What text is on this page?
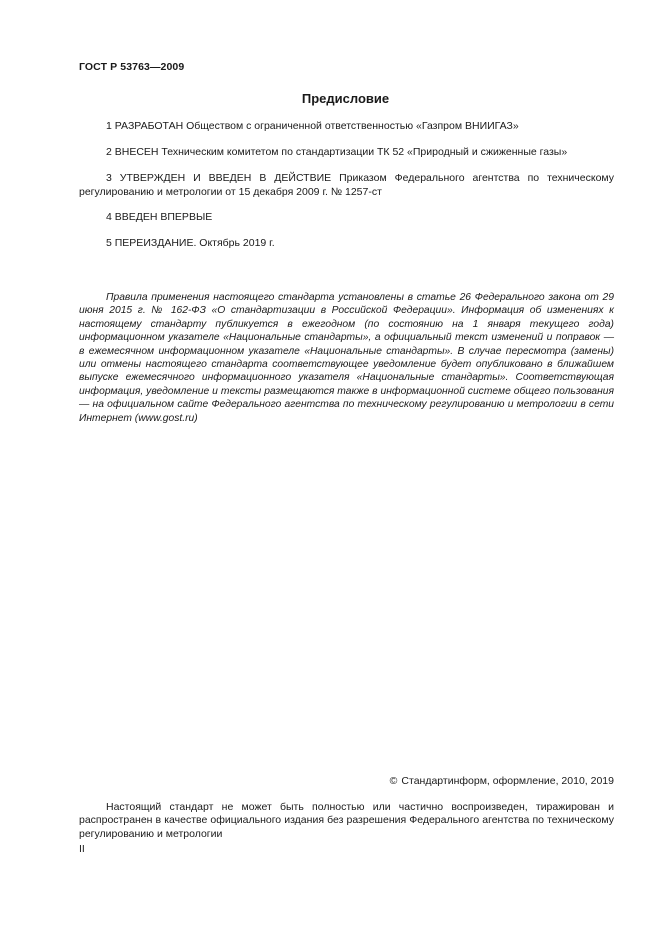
ГОСТ Р 53763—2009
Предисловие
1 РАЗРАБОТАН Обществом с ограниченной ответственностью «Газпром ВНИИГАЗ»
2 ВНЕСЕН Техническим комитетом по стандартизации ТК 52 «Природный и сжиженные газы»
3 УТВЕРЖДЕН И ВВЕДЕН В ДЕЙСТВИЕ Приказом Федерального агентства по техническому регулированию и метрологии от 15 декабря 2009 г. № 1257-ст
4 ВВЕДЕН ВПЕРВЫЕ
5 ПЕРЕИЗДАНИЕ. Октябрь 2019 г.
Правила применения настоящего стандарта установлены в статье 26 Федерального закона от 29 июня 2015 г. № 162-ФЗ «О стандартизации в Российской Федерации». Информация об изменениях к настоящему стандарту публикуется в ежегодном (по состоянию на 1 января текущего года) информационном указателе «Национальные стандарты», а официальный текст изменений и поправок — в ежемесячном информационном указателе «Национальные стандарты». В случае пересмотра (замены) или отмены настоящего стандарта соответствующее уведомление будет опубликовано в ближайшем выпуске ежемесячного информационного указателя «Национальные стандарты». Соответствующая информация, уведомление и тексты размещаются также в информационной системе общего пользования — на официальном сайте Федерального агентства по техническому регулированию и метрологии в сети Интернет (www.gost.ru)
© Стандартинформ, оформление, 2010, 2019
Настоящий стандарт не может быть полностью или частично воспроизведен, тиражирован и распространен в качестве официального издания без разрешения Федерального агентства по техническому регулированию и метрологии
II
